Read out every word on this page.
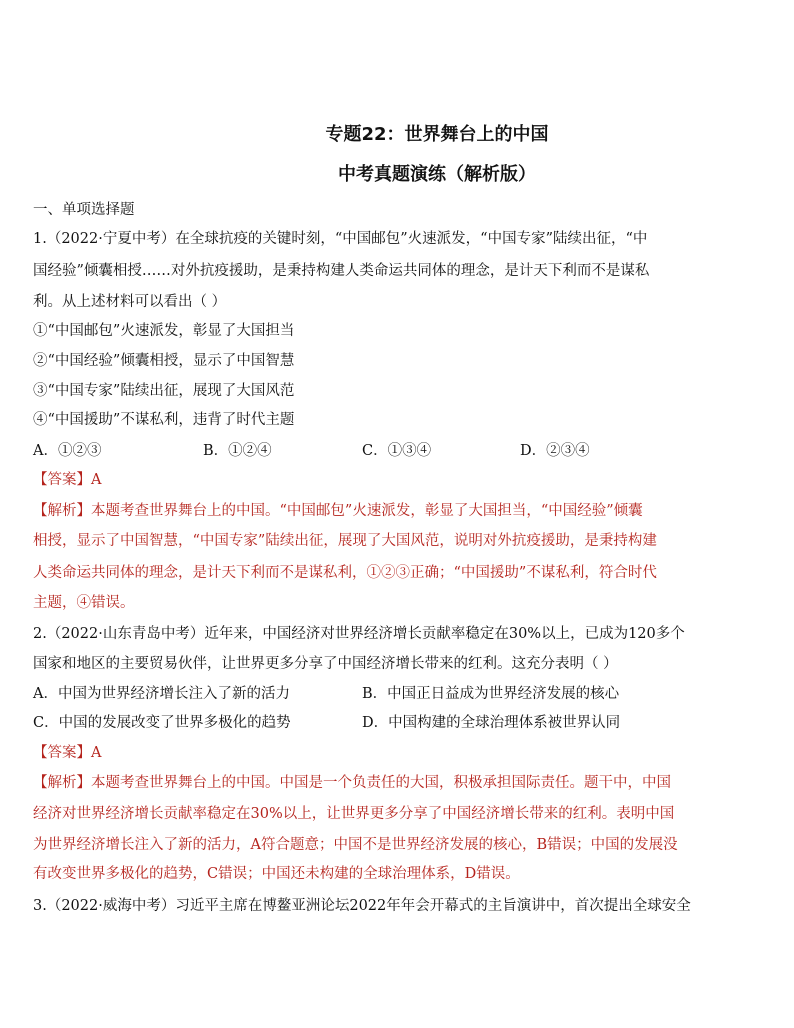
专题22：世界舞台上的中国
中考真题演练（解析版）
一、单项选择题
1.（2022·宁夏中考）在全球抗疫的关键时刻，“中国邮包”火速派发，“中国专家”陆续出征，“中
国经验”倾囊相授……对外抗疫援助，是秉持构建人类命运共同体的理念，是计天下利而不是谋私
利。从上述材料可以看出（ ）
①“中国邮包”火速派发，彰显了大国担当
②“中国经验”倾囊相授，显示了中国智慧
③“中国专家”陆续出征，展现了大国风范
④“中国援助”不谋私利，违背了时代主题
A．①②③	B．①②④	C．①③④	D．②③④
【答案】A
【解析】本题考查世界舞台上的中国。“中国邮包”火速派发，彰显了大国担当，“中国经验”倾囊
相授，显示了中国智慧，“中国专家”陆续出征，展现了大国风范，说明对外抗疫援助，是秉持构建
人类命运共同体的理念，是计天下利而不是谋私利，①②③正确；“中国援助”不谋私利，符合时代
主题，④错误。
2.（2022·山东青岛中考）近年来，中国经济对世界经济增长贡献率稳定在30%以上，已成为120多个
国家和地区的主要贸易伙伴，让世界更多分享了中国经济增长带来的红利。这充分表明（ ）
A．中国为世界经济增长注入了新的活力	B．中国正日益成为世界经济发展的核心
C．中国的发展改变了世界多极化的趋势	D．中国构建的全球治理体系被世界认同
【答案】A
【解析】本题考查世界舞台上的中国。中国是一个负责任的大国，积极承担国际责任。题干中，中国
经济对世界经济增长贡献率稳定在30%以上，让世界更多分享了中国经济增长带来的红利。表明中国
为世界经济增长注入了新的活力，A符合题意；中国不是世界经济发展的核心，B错误；中国的发展没
有改变世界多极化的趋势，C错误；中国还未构建的全球治理体系，D错误。
3.（2022·威海中考）习近平主席在博鳌亚洲论坛2022年年会开幕式的主旨演讲中，首次提出全球安全
